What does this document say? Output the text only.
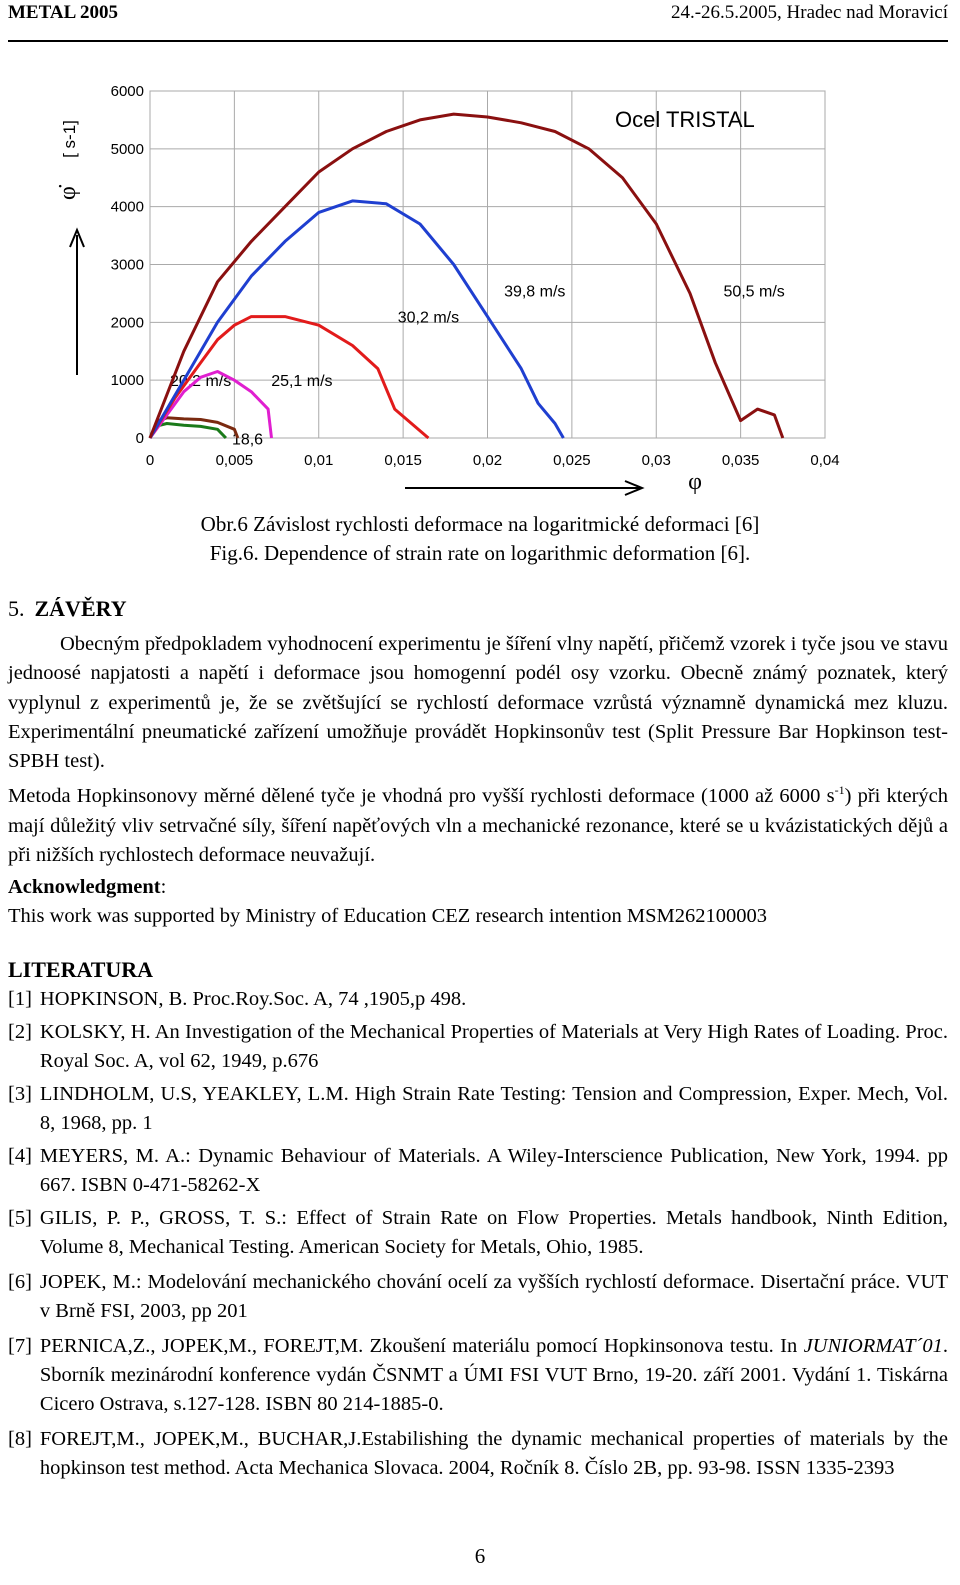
METAL 2005	24.-26.5.2005, Hradec nad Moravicí
0	0,005	0,01	0,015	0,02	0,025	0,03	0,035	0,04
0
1000
2000
3000
4000
5000
6000
18,6
20,2 m/s 25,1 m/s
30,2 m/s
39,8 m/s	50,5 m/s
Ocel TRISTAL
φ̇
[ s-1]
φ
Obr.6 Závislost rychlosti deformace na logaritmické deformaci [6]
Fig.6. Dependence of strain rate on logarithmic deformation [6].
5. ZÁVĚRY

Obecným předpokladem vyhodnocení experimentu je šíření vlny napětí, přičemž vzorek i tyče jsou ve stavu jednoosé napjatosti a napětí i deformace jsou homogenní podél osy vzorku. Obecně známý poznatek, který vyplynul z experimentů je, že se zvětšující se rychlostí deformace vzrůstá významně dynamická mez kluzu. Experimentální pneumatické zařízení umožňuje provádět Hopkinsonův test (Split Pressure Bar Hopkinson test-SPBH test).

Metoda Hopkinsonovy měrné dělené tyče je vhodná pro vyšší rychlosti deformace (1000 až 6000 $s^{-1}$) při kterých mají důležitý vliv setrvačné síly, šíření napěťových vln a mechanické rezonance, které se u kvázistatických dějů a při nižších rychlostech deformace neuvažují.

Acknowledgment:
This work was supported by Ministry of Education CEZ research intention MSM262100003
LITERATURA
[1] HOPKINSON, B. Proc.Roy.Soc. A, 74 ,1905,p 498.
[2] KOLSKY, H. An Investigation of the Mechanical Properties of Materials at Very High Rates of Loading. Proc. Royal Soc. A, vol 62, 1949, p.676
[3] LINDHOLM, U.S, YEAKLEY, L.M. High Strain Rate Testing: Tension and Compression, Exper. Mech, Vol. 8, 1968, pp. 1
[4] MEYERS, M. A.: Dynamic Behaviour of Materials. A Wiley-Interscience Publication, New York, 1994. pp 667. ISBN 0-471-58262-X
[5] GILIS, P. P., GROSS, T. S.: Effect of Strain Rate on Flow Properties. Metals handbook, Ninth Edition, Volume 8, Mechanical Testing. American Society for Metals, Ohio, 1985.
[6] JOPEK, M.: Modelování mechanického chování ocelí za vyšších rychlostí deformace. Disertační práce. VUT v Brně FSI, 2003, pp 201
[7] PERNICA,Z., JOPEK,M., FOREJT,M. Zkoušení materiálu pomocí Hopkinsonova testu. In JUNIORMAT´01. Sborník mezinárodní konference vydán ČSNMT a ÚMI FSI VUT Brno, 19-20. září 2001. Vydání 1. Tiskárna Cicero Ostrava, s.127-128. ISBN 80 214-1885-0.
[8] FOREJT,M., JOPEK,M., BUCHAR,J.Estabilishing the dynamic mechanical properties of materials by the hopkinson test method. Acta Mechanica Slovaca. 2004, Ročník 8. Číslo 2B, pp. 93-98. ISSN 1335-2393
6
